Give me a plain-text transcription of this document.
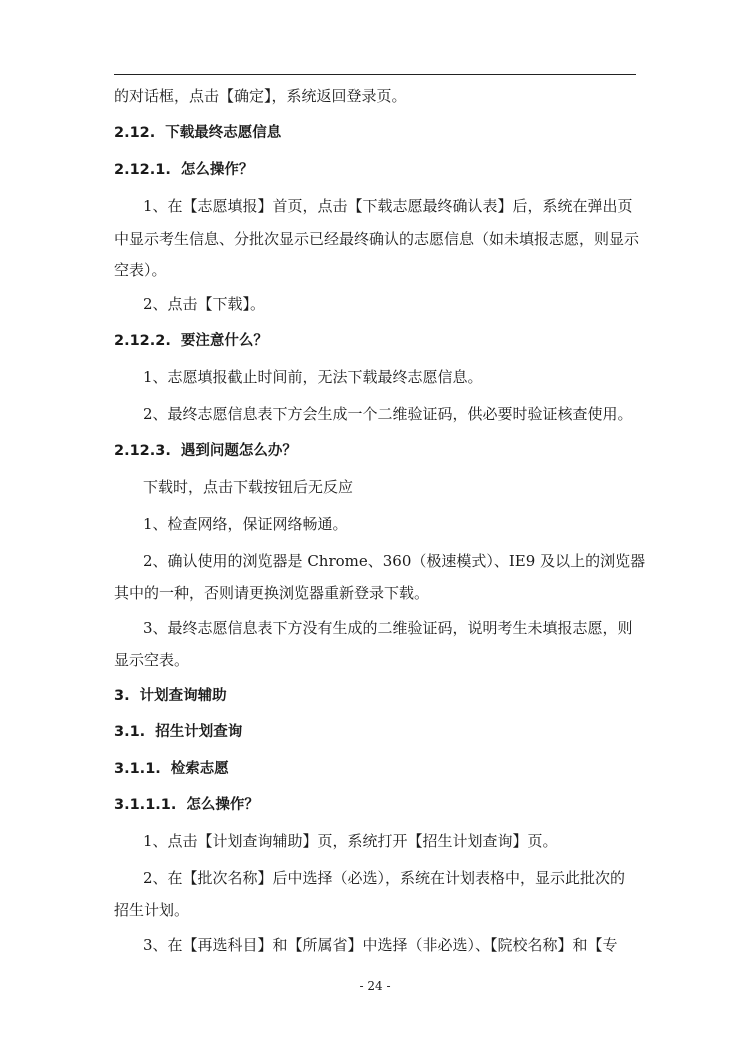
的对话框，点击【确定】，系统返回登录页。
2.12. 下载最终志愿信息
2.12.1. 怎么操作？
1、在【志愿填报】首页，点击【下载志愿最终确认表】后，系统在弹出页
中显示考生信息、分批次显示已经最终确认的志愿信息（如未填报志愿，则显示
空表）。
2、点击【下载】。
2.12.2. 要注意什么？
1、志愿填报截止时间前，无法下载最终志愿信息。
2、最终志愿信息表下方会生成一个二维验证码，供必要时验证核查使用。
2.12.3. 遇到问题怎么办？
下载时，点击下载按钮后无反应
1、检查网络，保证网络畅通。
2、确认使用的浏览器是 Chrome、360（极速模式）、IE9 及以上的浏览器
其中的一种，否则请更换浏览器重新登录下载。
3、最终志愿信息表下方没有生成的二维验证码，说明考生未填报志愿，则
显示空表。
3. 计划查询辅助
3.1. 招生计划查询
3.1.1. 检索志愿
3.1.1.1. 怎么操作？
1、点击【计划查询辅助】页，系统打开【招生计划查询】页。
2、在【批次名称】后中选择（必选），系统在计划表格中，显示此批次的
招生计划。
3、在【再选科目】和【所属省】中选择（非必选）、【院校名称】和【专
- 24 -
